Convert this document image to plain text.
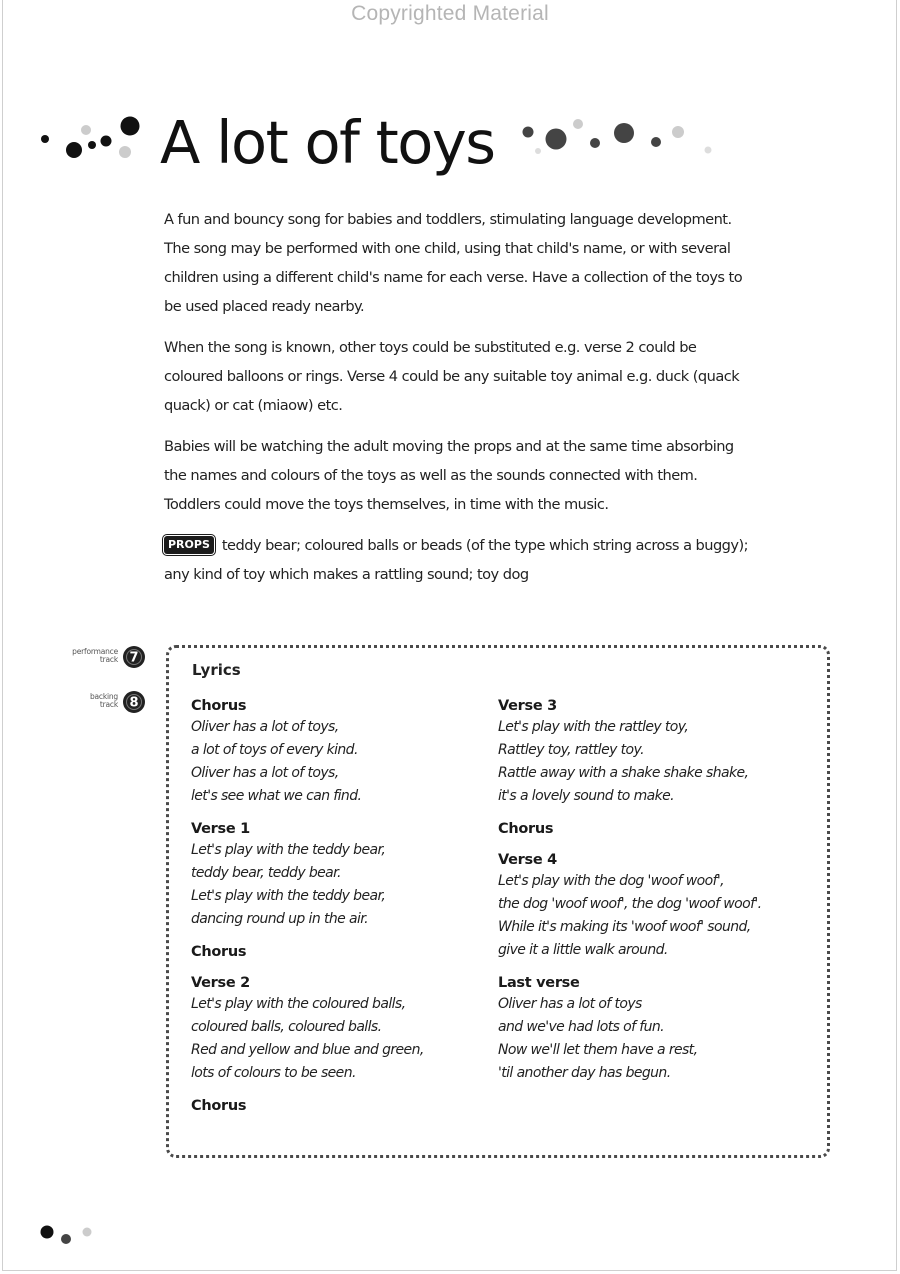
Copyrighted Material
A lot of toys

A fun and bouncy song for babies and toddlers, stimulating language development. The song may be performed with one child, using that child's name, or with several children using a different child's name for each verse. Have a collection of the toys to be used placed ready nearby.

When the song is known, other toys could be substituted e.g. verse 2 could be coloured balloons or rings. Verse 4 could be any suitable toy animal e.g. duck (quack quack) or cat (miaow) etc.

Babies will be watching the adult moving the props and at the same time absorbing the names and colours of the toys as well as the sounds connected with them. Toddlers could move the toys themselves, in time with the music.

PROPS teddy bear; coloured balls or beads (of the type which string across a buggy); any kind of toy which makes a rattling sound; toy dog

performance
track 7
backing
track 8
Lyrics
Chorus
Oliver has a lot of toys,
a lot of toys of every kind.
Oliver has a lot of toys,
let's see what we can find.
Verse 1
Let's play with the teddy bear,
teddy bear, teddy bear.
Let's play with the teddy bear,
dancing round up in the air.
Chorus
Verse 2
Let's play with the coloured balls,
coloured balls, coloured balls.
Red and yellow and blue and green,
lots of colours to be seen.
Chorus
Verse 3
Let's play with the rattley toy,
Rattley toy, rattley toy.
Rattle away with a shake shake shake,
it's a lovely sound to make.
Chorus
Verse 4
Let's play with the dog 'woof woof',
the dog 'woof woof', the dog 'woof woof'.
While it's making its 'woof woof' sound,
give it a little walk around.
Last verse
Oliver has a lot of toys
and we've had lots of fun.
Now we'll let them have a rest,
'til another day has begun.
